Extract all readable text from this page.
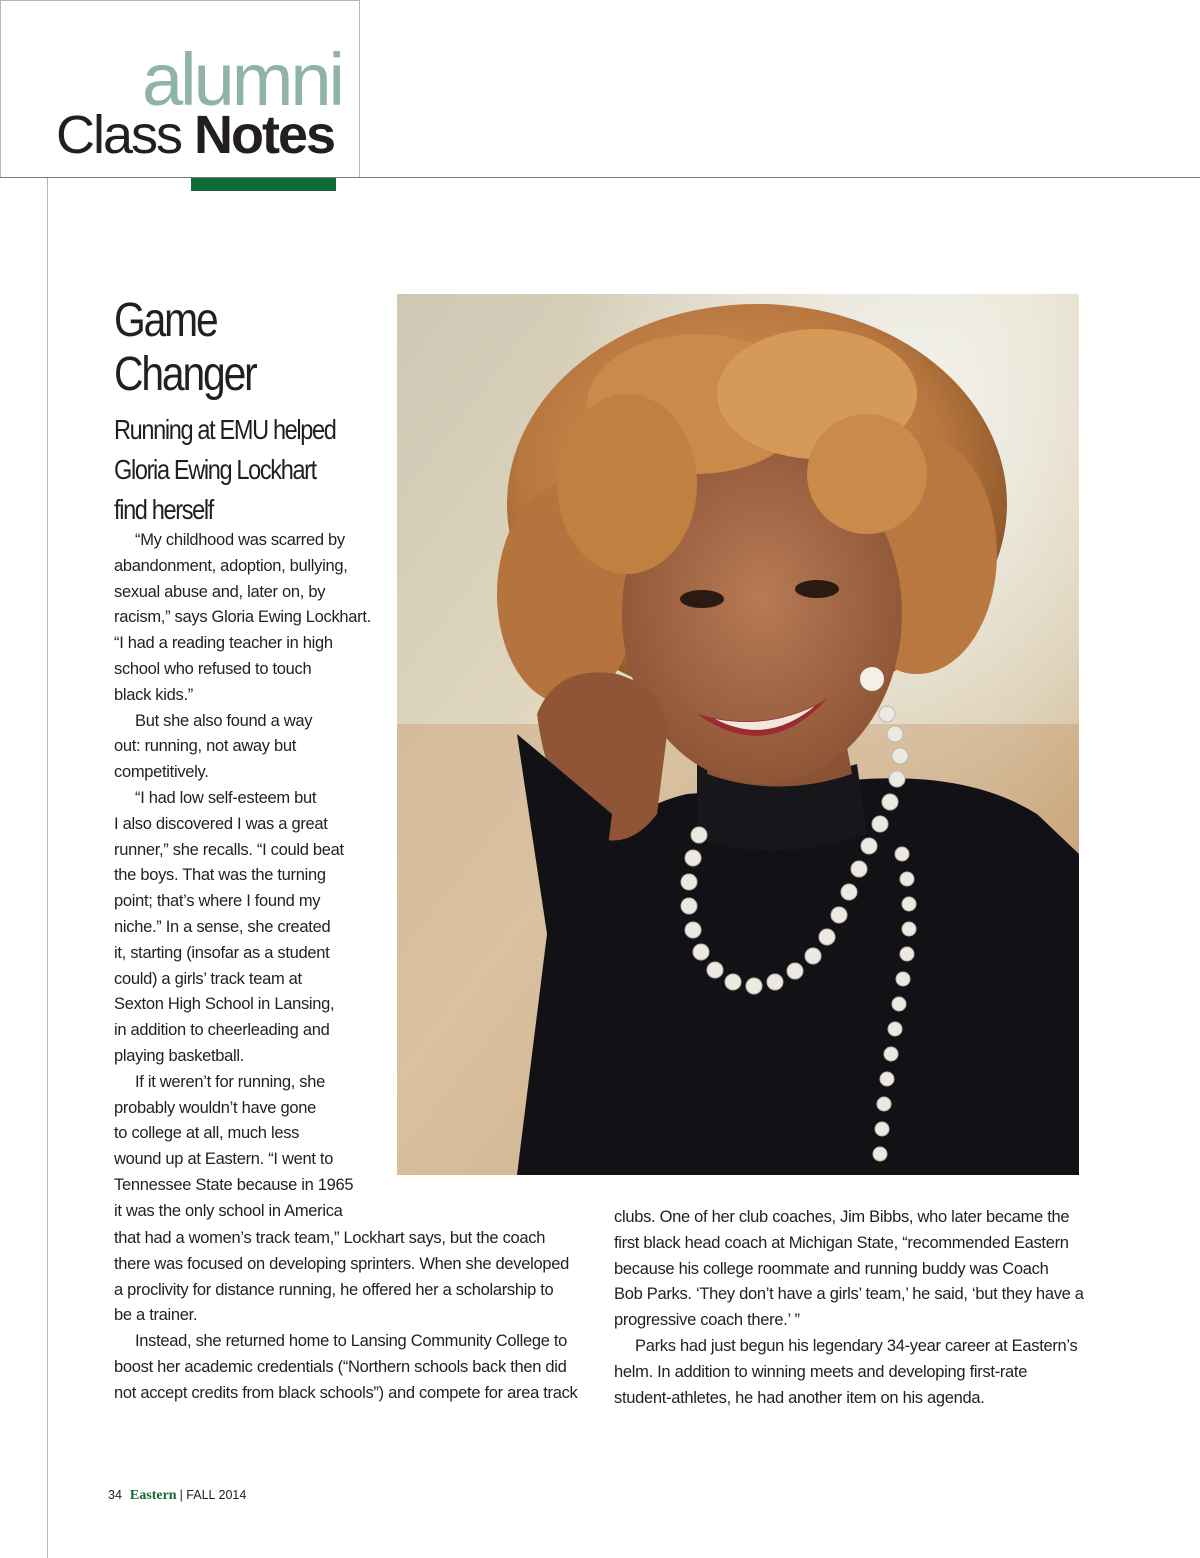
alumni
Class Notes
Game
Changer
Running at EMU helped
Gloria Ewing Lockhart
find herself

“My childhood was scarred by

abandonment, adoption, bullying,
sexual abuse and, later on, by
racism,” says Gloria Ewing Lockhart.
“I had a reading teacher in high
school who refused to touch
black kids.”

But she also found a way

out: running, not away but
competitively.

“I had low self-esteem but

I also discovered I was a great
runner,” she recalls. “I could beat
the boys. That was the turning
point; that’s where I found my
niche.” In a sense, she created
it, starting (insofar as a student
could) a girls’ track team at
Sexton High School in Lansing,
in addition to cheerleading and
playing basketball.

If it weren’t for running, she

probably wouldn’t have gone
to college at all, much less
wound up at Eastern. “I went to
Tennessee State because in 1965
it was the only school in America

that had a women’s track team,” Lockhart says, but the coach
there was focused on developing sprinters. When she developed
a proclivity for distance running, he offered her a scholarship to
be a trainer.

Instead, she returned home to Lansing Community College to

boost her academic credentials (“Northern schools back then did
not accept credits from black schools”) and compete for area track

clubs. One of her club coaches, Jim Bibbs, who later became the
first black head coach at Michigan State, “recommended Eastern
because his college roommate and running buddy was Coach
Bob Parks. ‘They don’t have a girls’ team,’ he said, ‘but they have a
progressive coach there.’ ”

Parks had just begun his legendary 34-year career at Eastern’s

helm. In addition to winning meets and developing first-rate
student-athletes, he had another item on his agenda.

34 Eastern | FALL 2014
